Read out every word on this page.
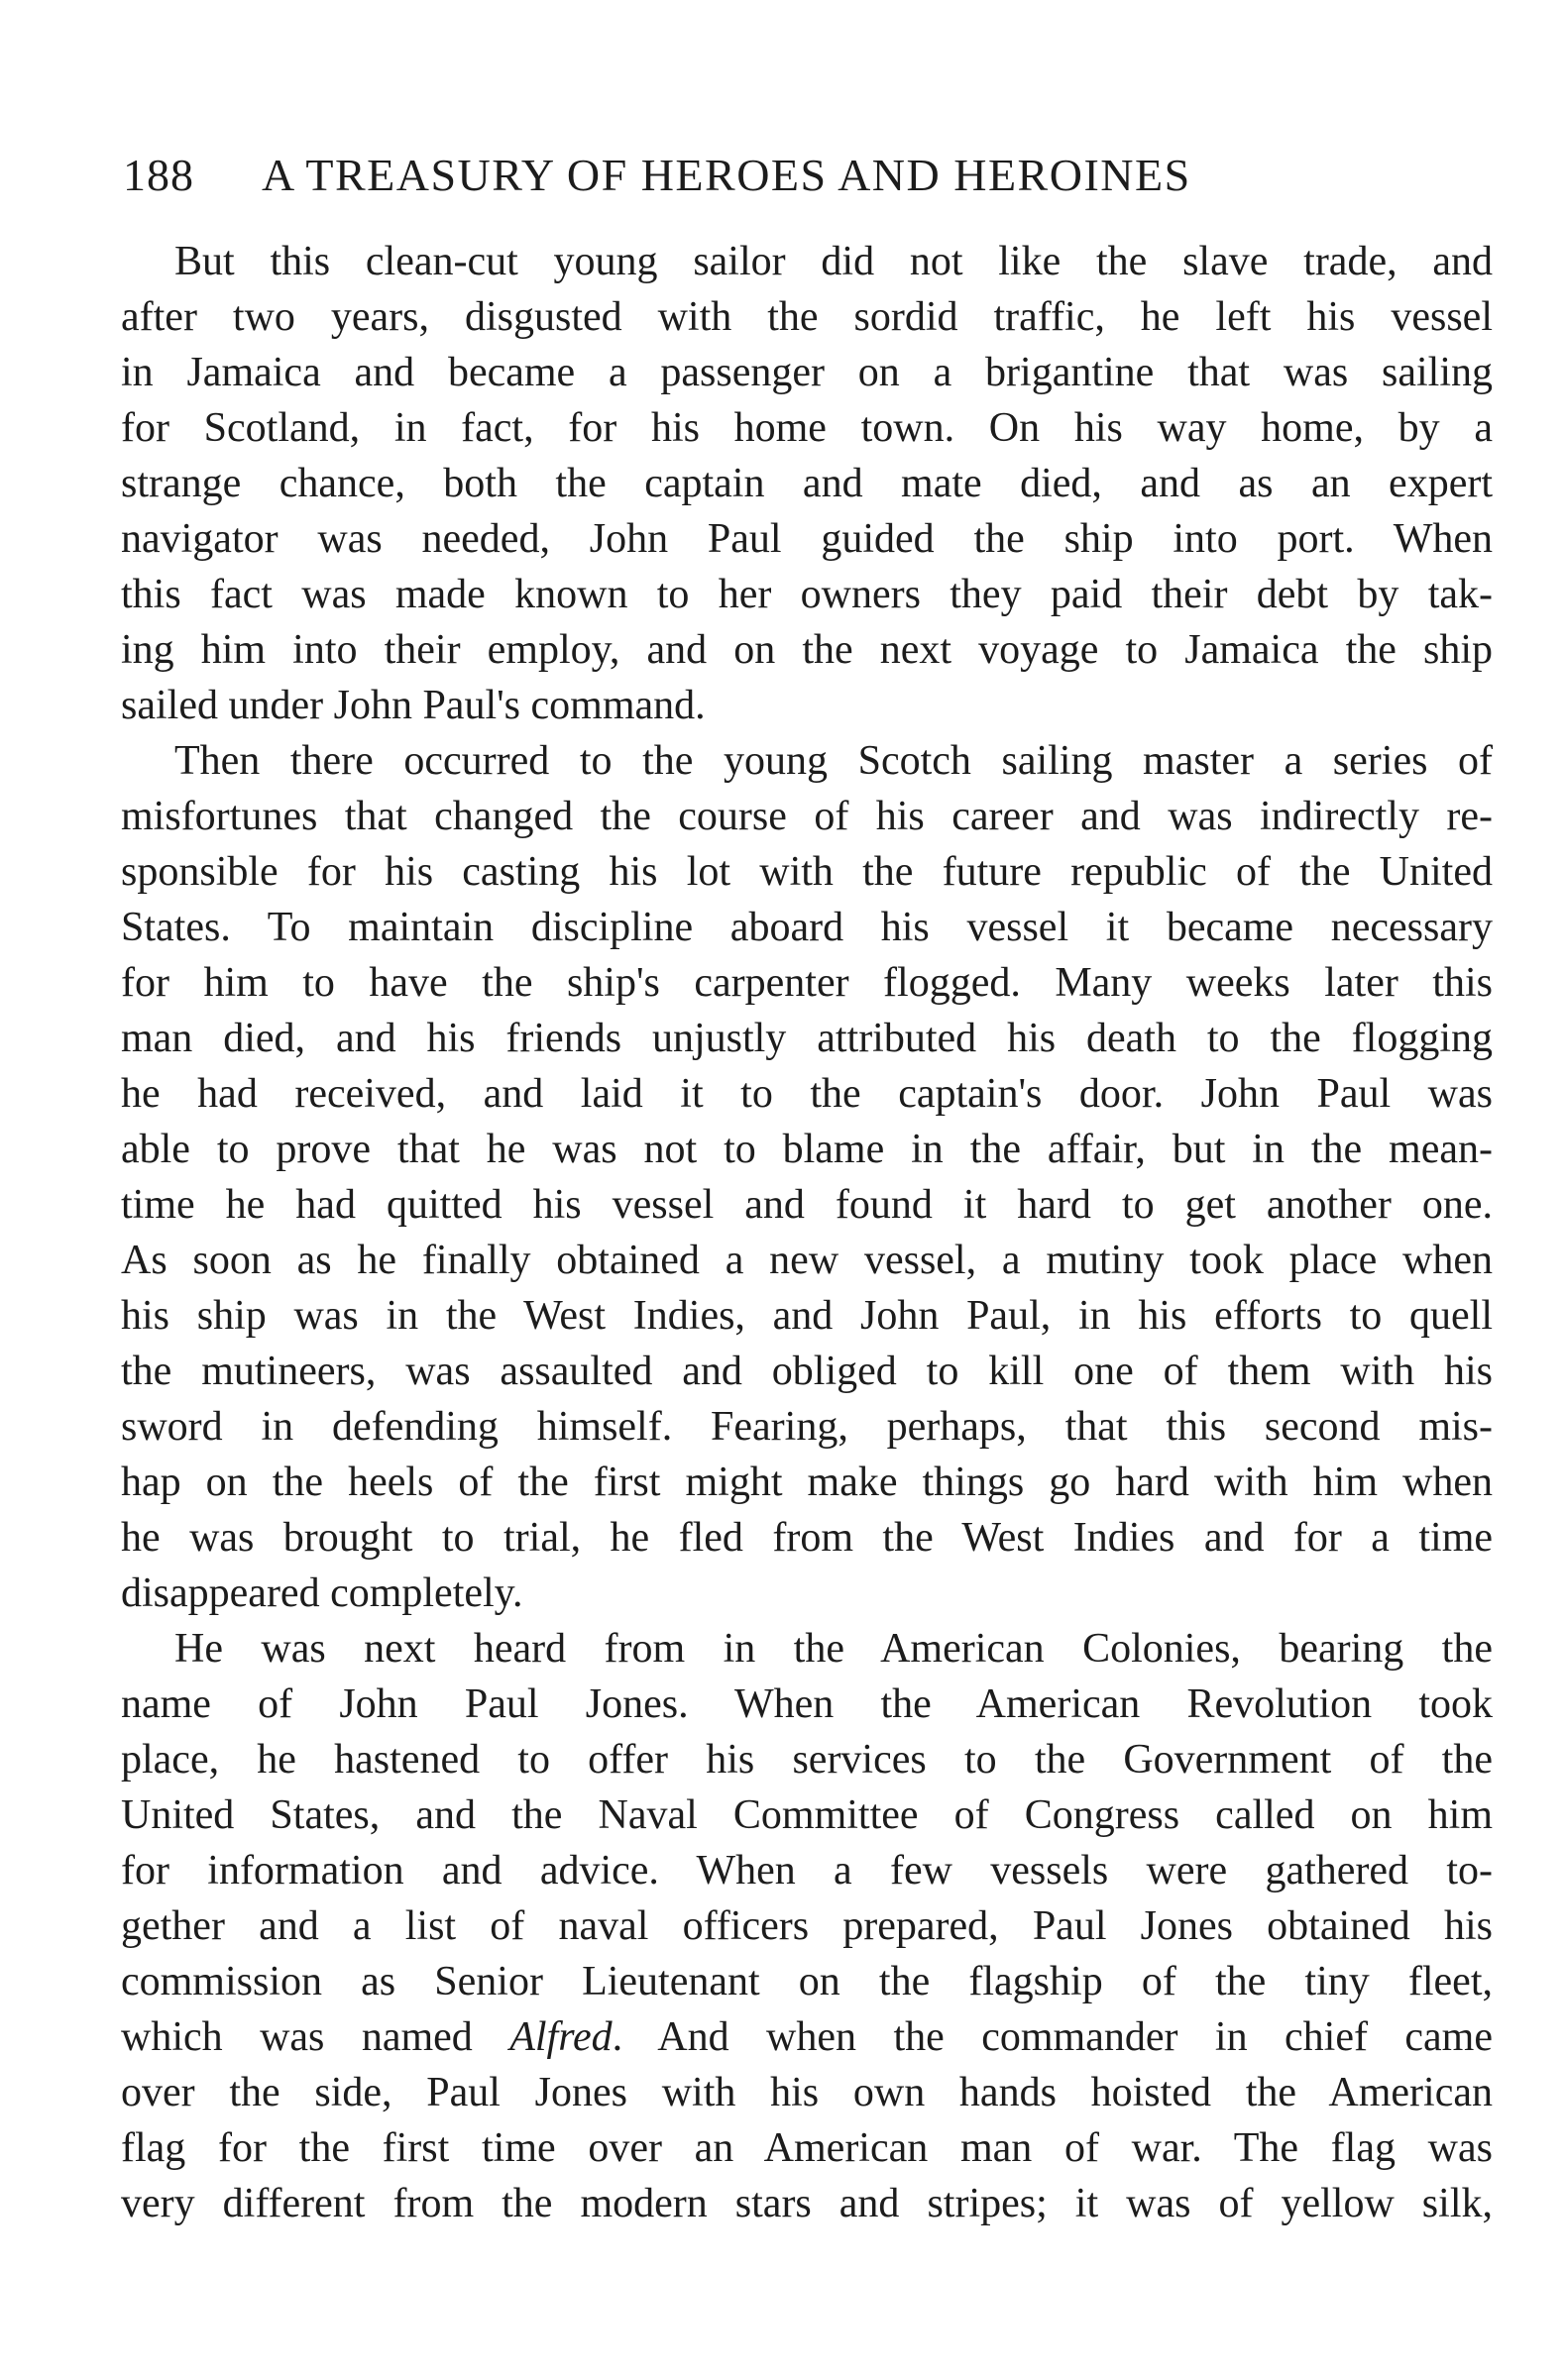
188 A TREASURY OF HEROES AND HEROINES
But this clean-cut young sailor did not like the slave trade, and
after two years, disgusted with the sordid traffic, he left his vessel
in Jamaica and became a passenger on a brigantine that was sailing
for Scotland, in fact, for his home town. On his way home, by a
strange chance, both the captain and mate died, and as an expert
navigator was needed, John Paul guided the ship into port. When
this fact was made known to her owners they paid their debt by tak-
ing him into their employ, and on the next voyage to Jamaica the ship
sailed under John Paul's command.
Then there occurred to the young Scotch sailing master a series of
misfortunes that changed the course of his career and was indirectly re-
sponsible for his casting his lot with the future republic of the United
States. To maintain discipline aboard his vessel it became necessary
for him to have the ship's carpenter flogged. Many weeks later this
man died, and his friends unjustly attributed his death to the flogging
he had received, and laid it to the captain's door. John Paul was
able to prove that he was not to blame in the affair, but in the mean-
time he had quitted his vessel and found it hard to get another one.
As soon as he finally obtained a new vessel, a mutiny took place when
his ship was in the West Indies, and John Paul, in his efforts to quell
the mutineers, was assaulted and obliged to kill one of them with his
sword in defending himself. Fearing, perhaps, that this second mis-
hap on the heels of the first might make things go hard with him when
he was brought to trial, he fled from the West Indies and for a time
disappeared completely.
He was next heard from in the American Colonies, bearing the
name of John Paul Jones. When the American Revolution took
place, he hastened to offer his services to the Government of the
United States, and the Naval Committee of Congress called on him
for information and advice. When a few vessels were gathered to-
gether and a list of naval officers prepared, Paul Jones obtained his
commission as Senior Lieutenant on the flagship of the tiny fleet,
which was named Alfred. And when the commander in chief came
over the side, Paul Jones with his own hands hoisted the American
flag for the first time over an American man of war. The flag was
very different from the modern stars and stripes; it was of yellow silk,
